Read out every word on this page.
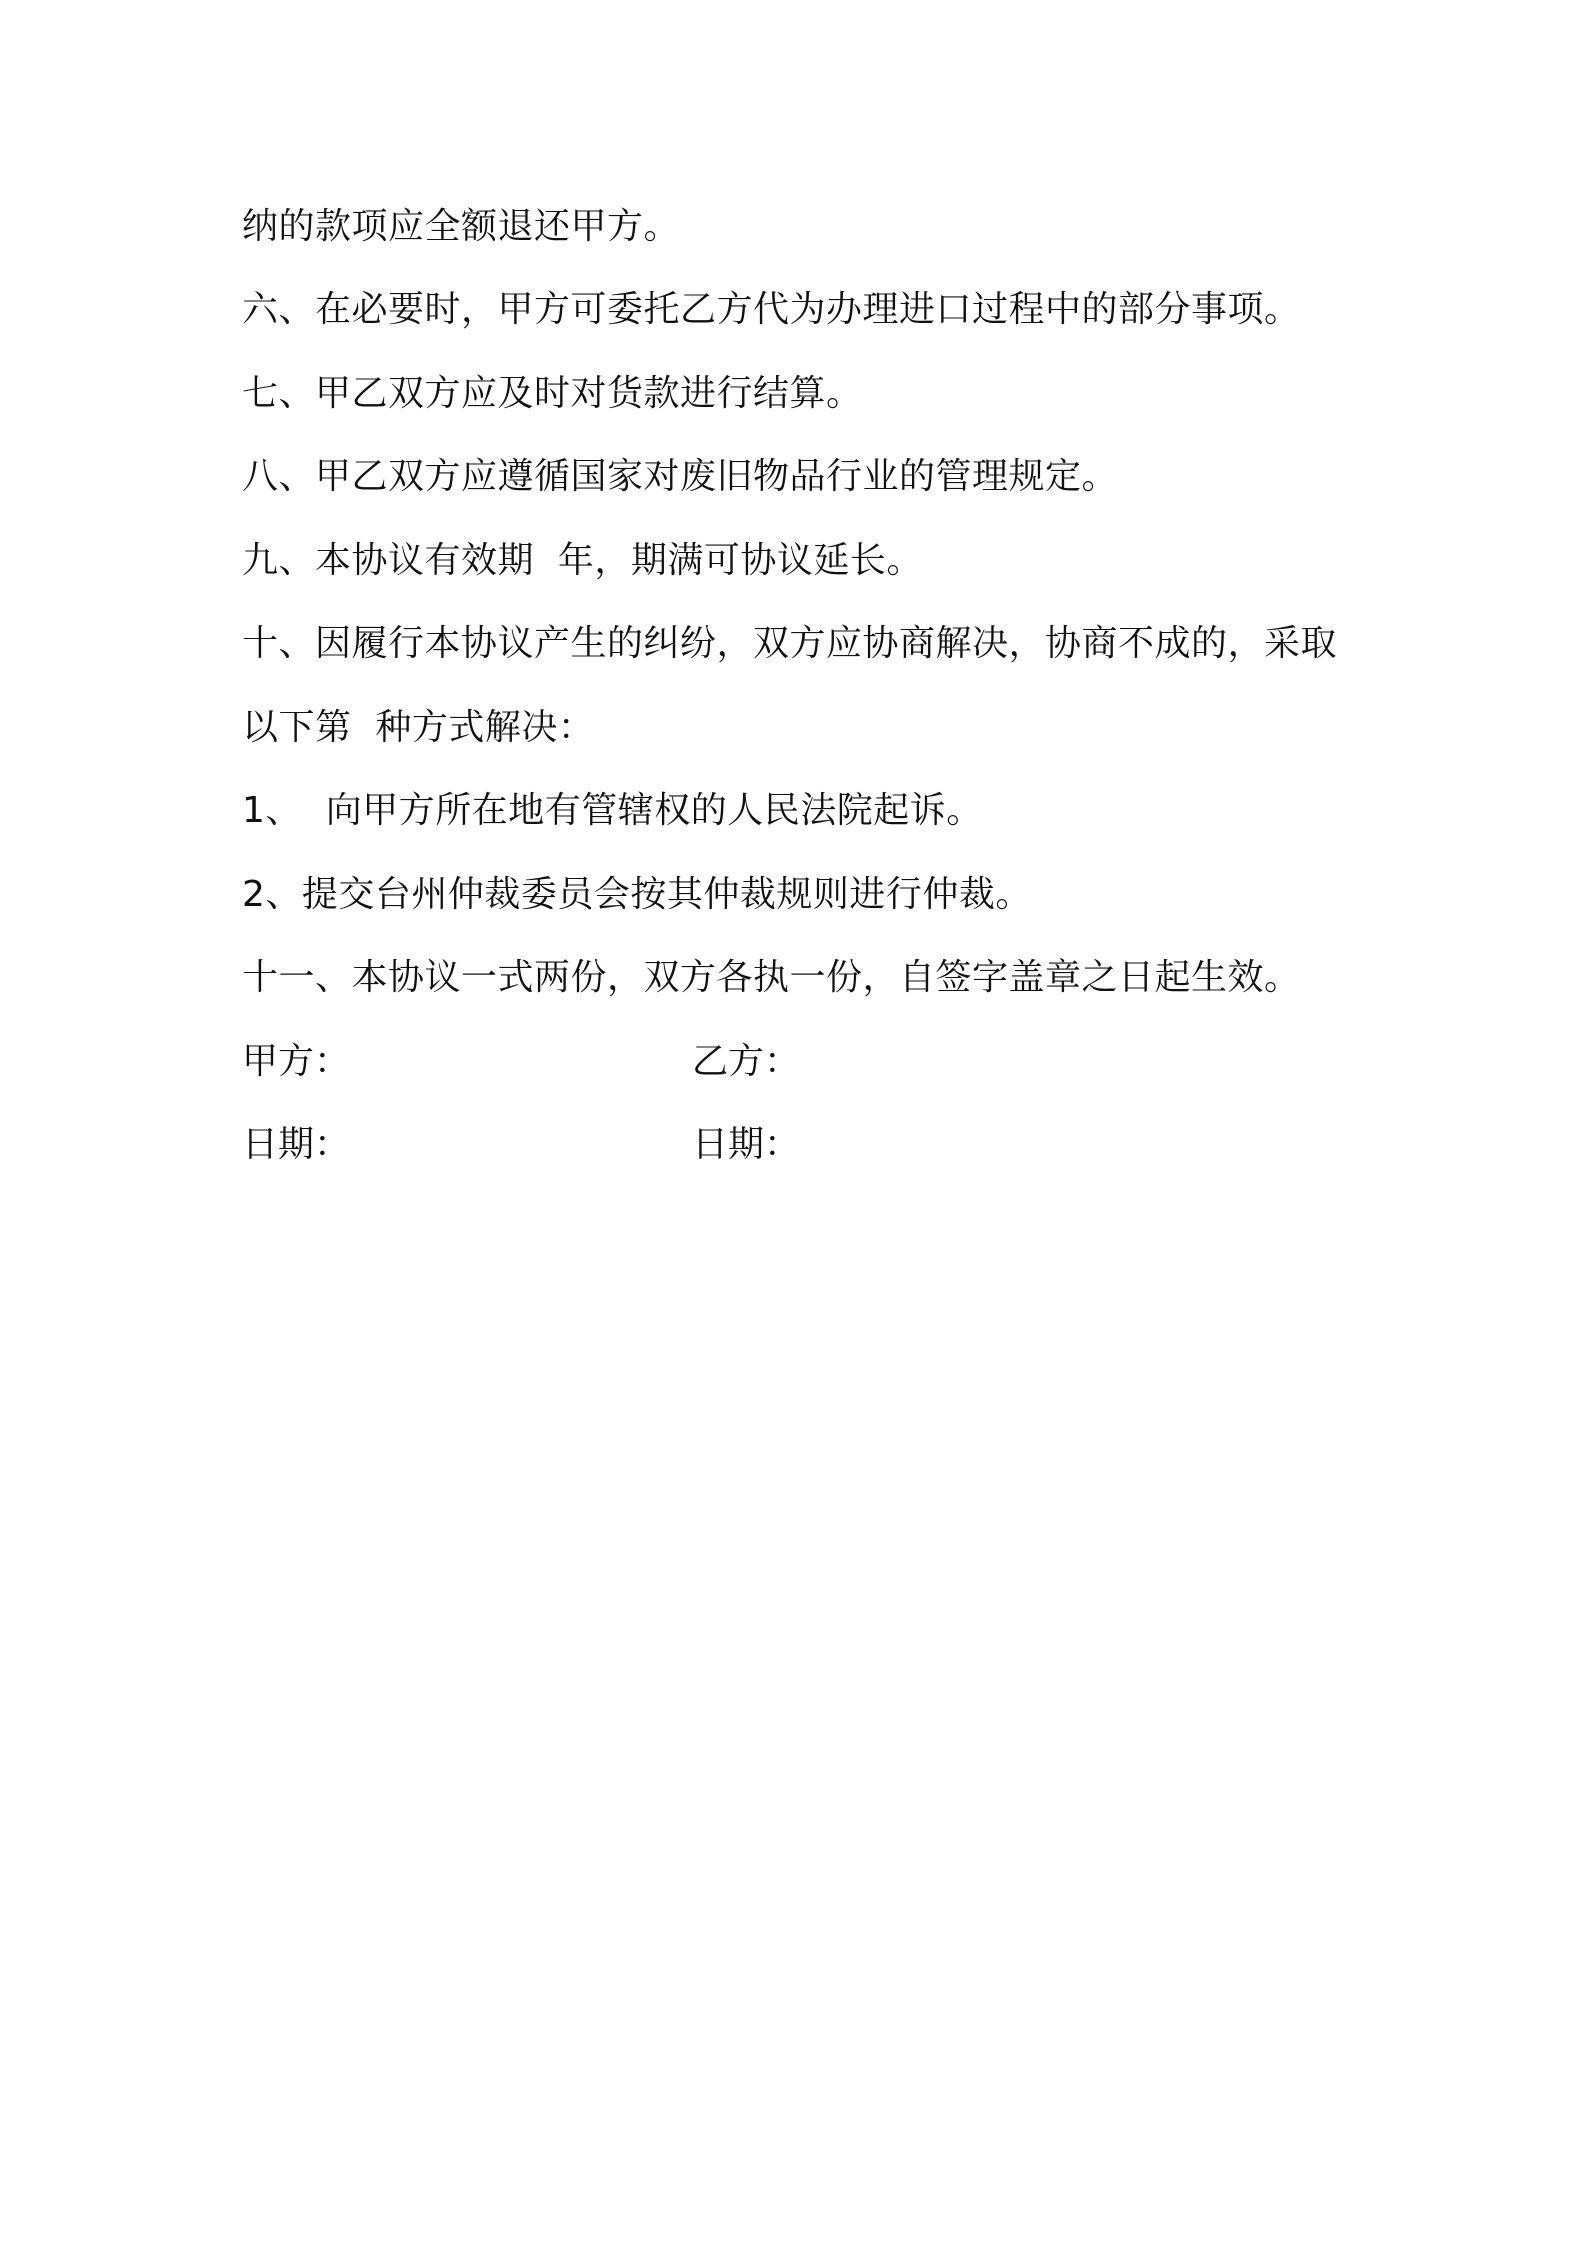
纳的款项应全额退还甲方。
六、在必要时，甲方可委托乙方代为办理进口过程中的部分事项。
七、甲乙双方应及时对货款进行结算。
八、甲乙双方应遵循国家对废旧物品行业的管理规定。
九、本协议有效期  年，期满可协议延长。
十、因履行本协议产生的纠纷，双方应协商解决，协商不成的，采取
以下第  种方式解决：
1、  向甲方所在地有管辖权的人民法院起诉。
2、提交台州仲裁委员会按其仲裁规则进行仲裁。
十一、本协议一式两份，双方各执一份，自签字盖章之日起生效。
甲方：	乙方：
日期：	日期：
